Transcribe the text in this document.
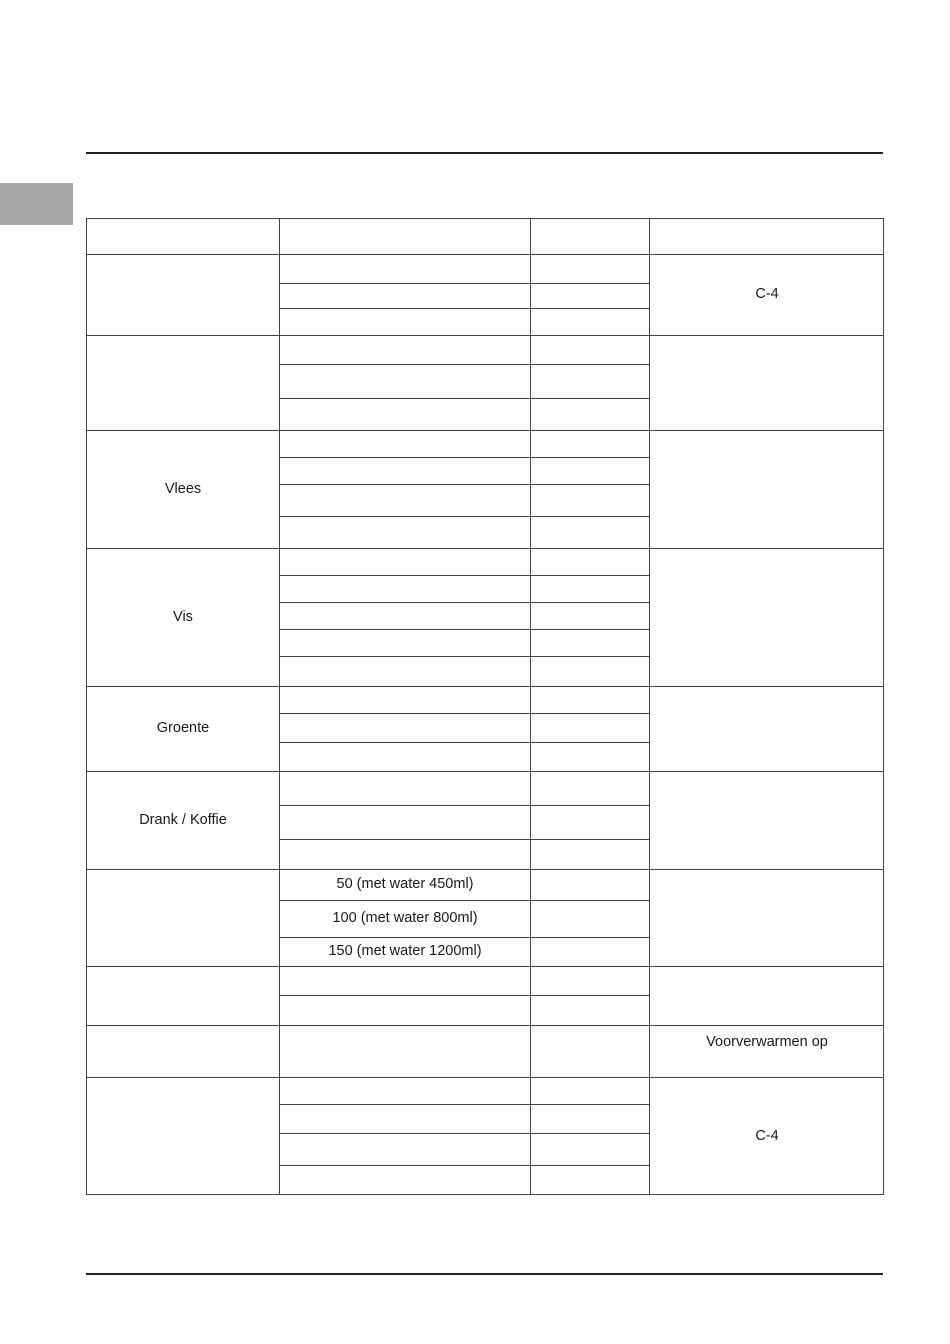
C-4
Vlees
Vis
Groente
Drank / Koffie
50 (met water 450ml)
100 (met water 800ml)
150 (met water 1200ml)
Voorverwarmen op
C-4
